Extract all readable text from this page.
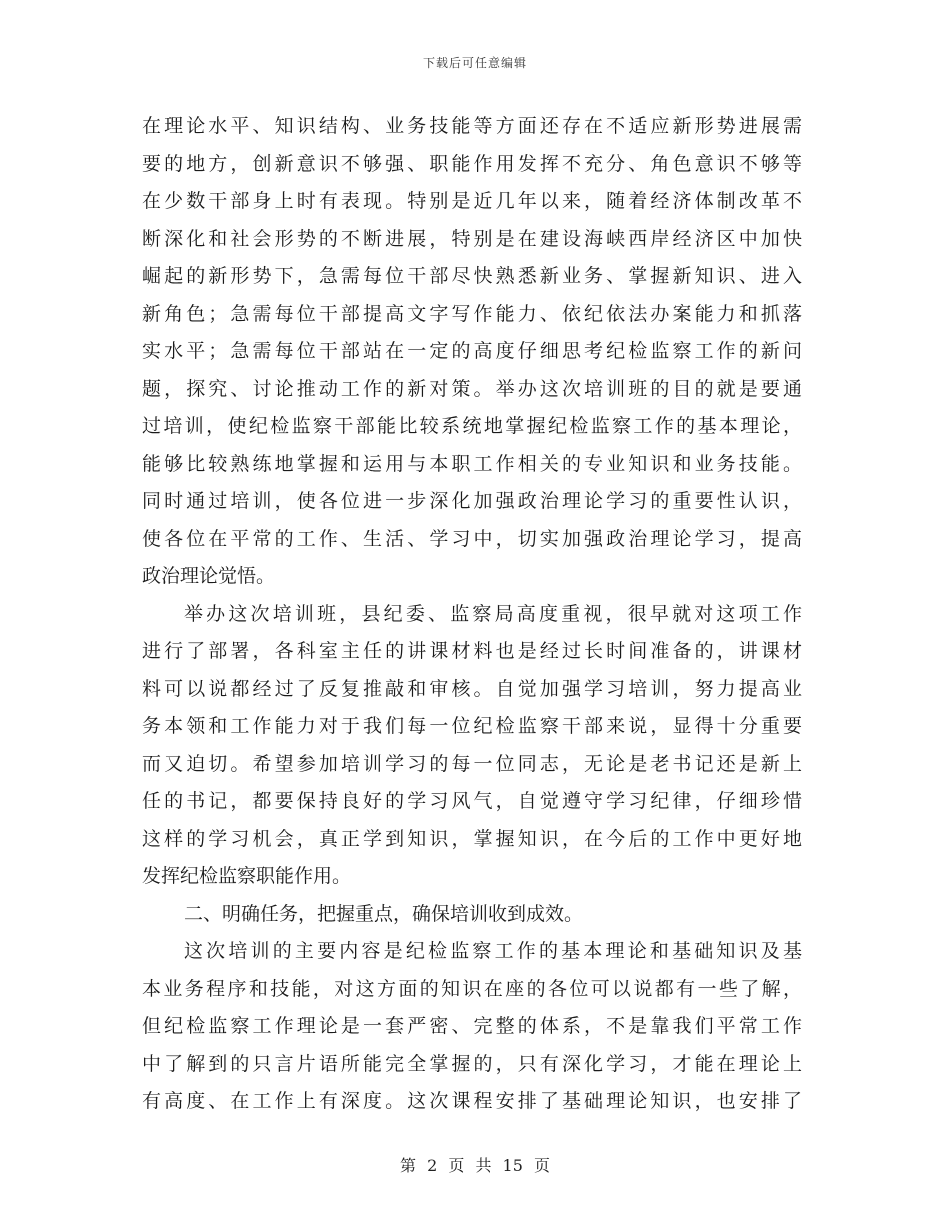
下载后可任意编辑
在理论水平、知识结构、业务技能等方面还存在不适应新形势进展需
要的地方，创新意识不够强、职能作用发挥不充分、角色意识不够等
在少数干部身上时有表现。特别是近几年以来，随着经济体制改革不
断深化和社会形势的不断进展，特别是在建设海峡西岸经济区中加快
崛起的新形势下，急需每位干部尽快熟悉新业务、掌握新知识、进入
新角色；急需每位干部提高文字写作能力、依纪依法办案能力和抓落
实水平；急需每位干部站在一定的高度仔细思考纪检监察工作的新问
题，探究、讨论推动工作的新对策。举办这次培训班的目的就是要通
过培训，使纪检监察干部能比较系统地掌握纪检监察工作的基本理论，
能够比较熟练地掌握和运用与本职工作相关的专业知识和业务技能。
同时通过培训，使各位进一步深化加强政治理论学习的重要性认识，
使各位在平常的工作、生活、学习中，切实加强政治理论学习，提高
政治理论觉悟。
举办这次培训班，县纪委、监察局高度重视，很早就对这项工作
进行了部署，各科室主任的讲课材料也是经过长时间准备的，讲课材
料可以说都经过了反复推敲和审核。自觉加强学习培训，努力提高业
务本领和工作能力对于我们每一位纪检监察干部来说，显得十分重要
而又迫切。希望参加培训学习的每一位同志，无论是老书记还是新上
任的书记，都要保持良好的学习风气，自觉遵守学习纪律，仔细珍惜
这样的学习机会，真正学到知识，掌握知识，在今后的工作中更好地
发挥纪检监察职能作用。
二、明确任务，把握重点，确保培训收到成效。
这次培训的主要内容是纪检监察工作的基本理论和基础知识及基
本业务程序和技能，对这方面的知识在座的各位可以说都有一些了解，
但纪检监察工作理论是一套严密、完整的体系，不是靠我们平常工作
中了解到的只言片语所能完全掌握的，只有深化学习，才能在理论上
有高度、在工作上有深度。这次课程安排了基础理论知识，也安排了
第 2 页 共 15 页
